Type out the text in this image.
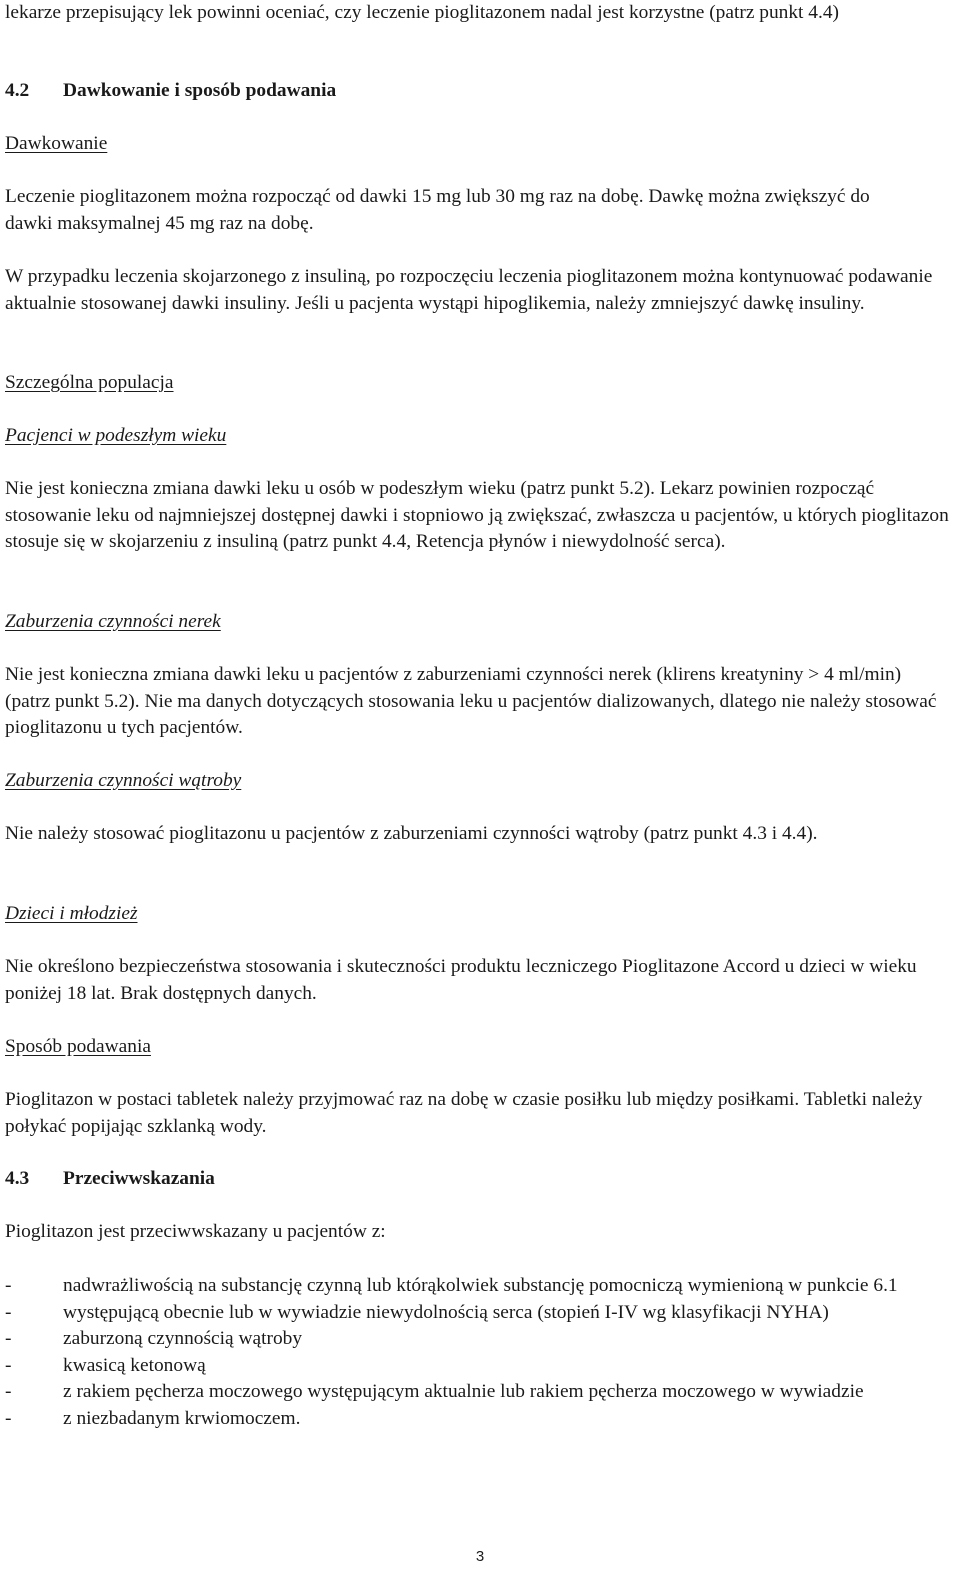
lekarze przepisujący lek powinni oceniać, czy leczenie pioglitazonem nadal jest korzystne (patrz punkt 4.4)

4.2 Dawkowanie i sposób podawania

Dawkowanie

Leczenie pioglitazonem można rozpocząć od dawki 15 mg lub 30 mg raz na dobę. Dawkę można zwiększyć do dawki maksymalnej 45 mg raz na dobę.

W przypadku leczenia skojarzonego z insuliną, po rozpoczęciu leczenia pioglitazonem można kontynuować podawanie aktualnie stosowanej dawki insuliny. Jeśli u pacjenta wystąpi hipoglikemia, należy zmniejszyć dawkę insuliny.

Szczególna populacja

Pacjenci w podeszłym wieku

Nie jest konieczna zmiana dawki leku u osób w podeszłym wieku (patrz punkt 5.2). Lekarz powinien rozpocząć stosowanie leku od najmniejszej dostępnej dawki i stopniowo ją zwiększać, zwłaszcza u pacjentów, u których pioglitazon stosuje się w skojarzeniu z insuliną (patrz punkt 4.4, Retencja płynów i niewydolność serca).

Zaburzenia czynności nerek

Nie jest konieczna zmiana dawki leku u pacjentów z zaburzeniami czynności nerek (klirens kreatyniny > 4 ml/min) (patrz punkt 5.2). Nie ma danych dotyczących stosowania leku u pacjentów dializowanych, dlatego nie należy stosować pioglitazonu u tych pacjentów.

Zaburzenia czynności wątroby

Nie należy stosować pioglitazonu u pacjentów z zaburzeniami czynności wątroby (patrz punkt 4.3 i 4.4).

Dzieci i młodzież

Nie określono bezpieczeństwa stosowania i skuteczności produktu leczniczego Pioglitazone Accord u dzieci w wieku poniżej 18 lat. Brak dostępnych danych.

Sposób podawania

Pioglitazon w postaci tabletek należy przyjmować raz na dobę w czasie posiłku lub między posiłkami. Tabletki należy połykać popijając szklanką wody.

4.3 Przeciwwskazania

Pioglitazon jest przeciwwskazany u pacjentów z:

-	nadwrażliwością na substancję czynną lub którąkolwiek substancję pomocniczą wymienioną w punkcie 6.1
-	występującą obecnie lub w wywiadzie niewydolnością serca (stopień I-IV wg klasyfikacji NYHA)
-	zaburzoną czynnością wątroby
-	kwasicą ketonową
-	z rakiem pęcherza moczowego występującym aktualnie lub rakiem pęcherza moczowego w wywiadzie
-	z niezbadanym krwiomoczem.
3
